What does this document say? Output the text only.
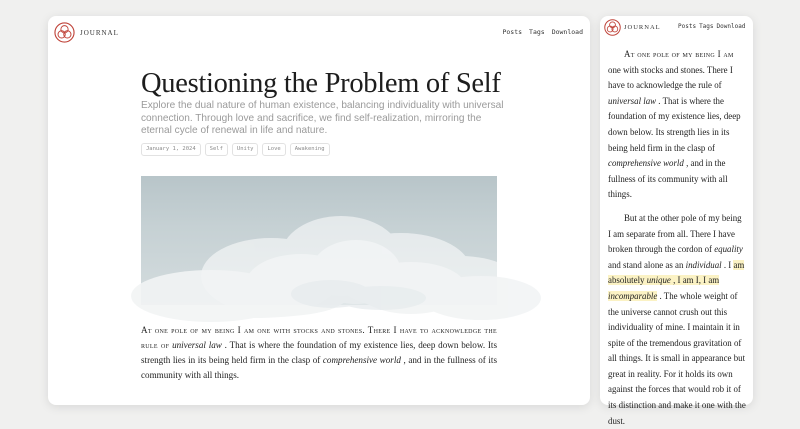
JOURNAL	Posts Tags Download
Questioning the Problem of Self

Explore the dual nature of human existence, balancing individuality with universal connection. Through love and sacrifice, we find self-realization, mirroring the eternal cycle of renewal in life and nature.

January 1, 2024	Self	Unity	Love	Awakening

At one pole of my being I am one with stocks and stones. There I have to acknowledge the rule of universal law . That is where the foundation of my existence lies, deep down below. Its strength lies in its being held firm in the clasp of comprehensive world , and in the fullness of its community with all things.

JOURNAL	Posts Tags Download

At one pole of my being I am one with stocks and stones. There I have to acknowledge the rule of universal law . That is where the foundation of my existence lies, deep down below. Its strength lies in its being held firm in the clasp of comprehensive world , and in the fullness of its community with all things.

But at the other pole of my being I am separate from all. There I have broken through the cordon of equality and stand alone as an individual . I am absolutely unique , I am I, I am incomparable . The whole weight of the universe cannot crush out this individuality of mine. I maintain it in spite of the tremendous gravitation of all things. It is small in appearance but great in reality. For it holds its own against the forces that would rob it of its distinction and make it one with the dust.
